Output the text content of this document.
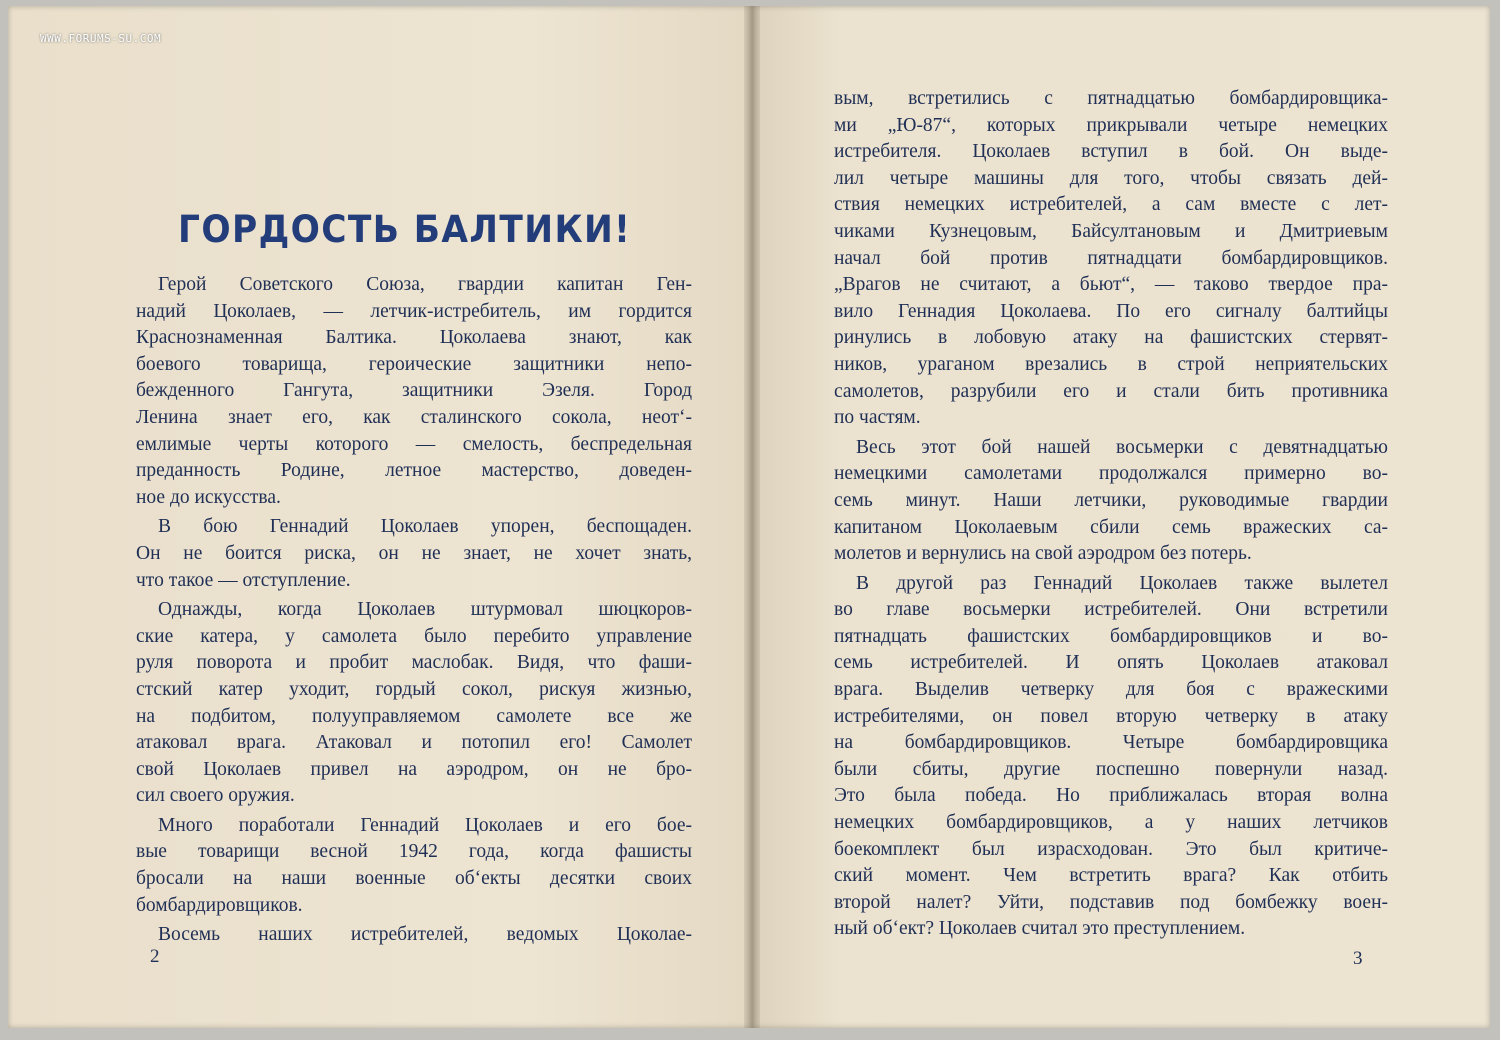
WWW.FORUMS-SU.COM
ГОРДОСТЬ БАЛТИКИ!

Герой Советского Союза, гвардии капитан Ген-

надий Цоколаев, — летчик-истребитель, им гордится

Краснознаменная Балтика. Цоколаева знают, как

боевого товарища, героические защитники непо-

бежденного Гангута, защитники Эзеля. Город

Ленина знает его, как сталинского сокола, неот‘-

емлимые черты которого — смелость, беспредельная

преданность Родине, летное мастерство, доведен-

ное до искусства.

В бою Геннадий Цоколаев упорен, беспощаден.

Он не боится риска, он не знает, не хочет знать,

что такое — отступление.

Однажды, когда Цоколаев штурмовал шюцкоров-

ские катера, у самолета было перебито управление

руля поворота и пробит маслобак. Видя, что фаши-

стский катер уходит, гордый сокол, рискуя жизнью,

на подбитом, полууправляемом самолете все же

атаковал врага. Атаковал и потопил его! Самолет

свой Цоколаев привел на аэродром, он не бро-

сил своего оружия.

Много поработали Геннадий Цоколаев и его бое-

вые товарищи весной 1942 года, когда фашисты

бросали на наши военные об‘екты десятки своих

бомбардировщиков.

Восемь наших истребителей, ведомых Цоколае-

вым, встретились с пятнадцатью бомбардировщика-

ми „Ю-87“, которых прикрывали четыре немецких

истребителя. Цоколаев вступил в бой. Он выде-

лил четыре машины для того, чтобы связать дей-

ствия немецких истребителей, а сам вместе с лет-

чиками Кузнецовым, Байсултановым и Дмитриевым

начал бой против пятнадцати бомбардировщиков.

„Врагов не считают, а бьют“, — таково твердое пра-

вило Геннадия Цоколаева. По его сигналу балтийцы

ринулись в лобовую атаку на фашистских стервят-

ников, ураганом врезались в строй неприятельских

самолетов, разрубили его и стали бить противника

по частям.

Весь этот бой нашей восьмерки с девятнадцатью

немецкими самолетами продолжался примерно во-

семь минут. Наши летчики, руководимые гвардии

капитаном Цоколаевым сбили семь вражеских са-

молетов и вернулись на свой аэродром без потерь.

В другой раз Геннадий Цоколаев также вылетел

во главе восьмерки истребителей. Они встретили

пятнадцать фашистских бомбардировщиков и во-

семь истребителей. И опять Цоколаев атаковал

врага. Выделив четверку для боя с вражескими

истребителями, он повел вторую четверку в атаку

на бомбардировщиков. Четыре бомбардировщика

были сбиты, другие поспешно повернули назад.

Это была победа. Но приближалась вторая волна

немецких бомбардировщиков, а у наших летчиков

боекомплект был израсходован. Это был критиче-

ский момент. Чем встретить врага? Как отбить

второй налет? Уйти, подставив под бомбежку воен-

ный об‘ект? Цоколаев считал это преступлением.

2	3
